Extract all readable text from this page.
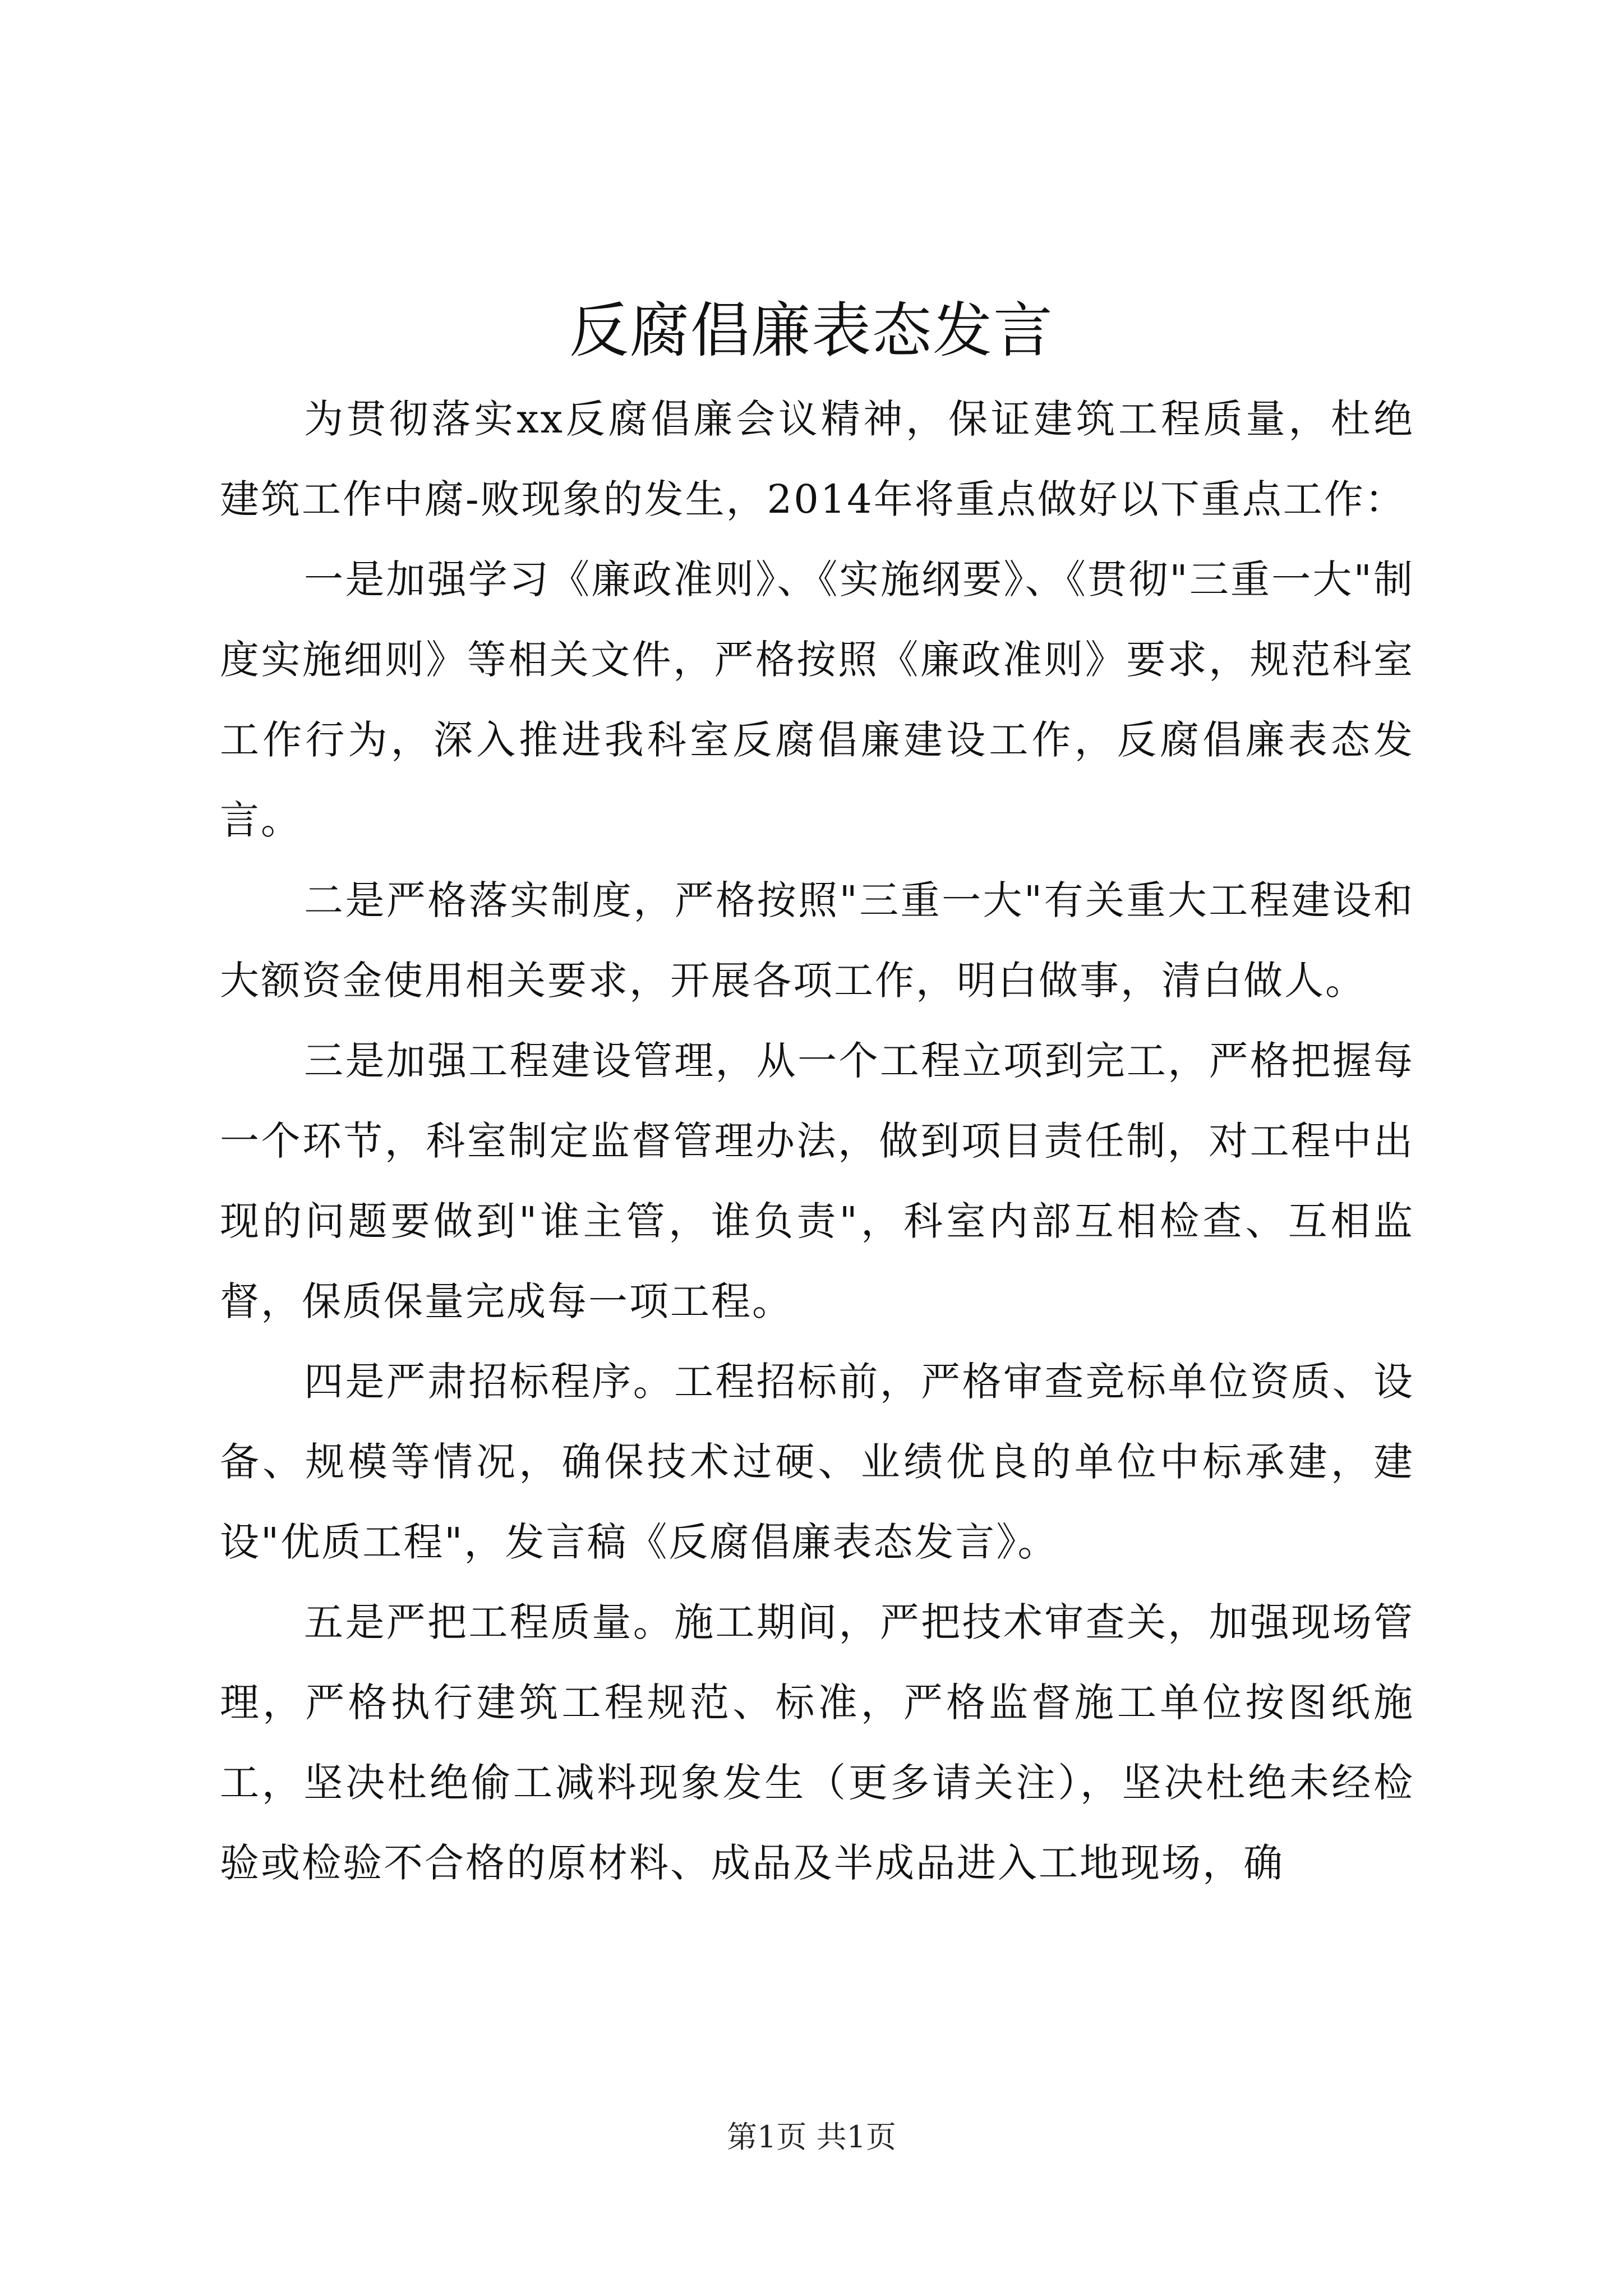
反腐倡廉表态发言

为贯彻落实xx反腐倡廉会议精神，保证建筑工程质量，杜绝建筑工作中腐-败现象的发生，2014年将重点做好以下重点工作：

一是加强学习《廉政准则》、《实施纲要》、《贯彻"三重一大"制度实施细则》等相关文件，严格按照《廉政准则》要求，规范科室工作行为，深入推进我科室反腐倡廉建设工作，反腐倡廉表态发言。

二是严格落实制度，严格按照"三重一大"有关重大工程建设和大额资金使用相关要求，开展各项工作，明白做事，清白做人。

三是加强工程建设管理，从一个工程立项到完工，严格把握每一个环节，科室制定监督管理办法，做到项目责任制，对工程中出现的问题要做到"谁主管，谁负责"，科室内部互相检查、互相监督，保质保量完成每一项工程。

四是严肃招标程序。工程招标前，严格审查竞标单位资质、设备、规模等情况，确保技术过硬、业绩优良的单位中标承建，建设"优质工程"，发言稿《反腐倡廉表态发言》。

五是严把工程质量。施工期间，严把技术审查关，加强现场管理，严格执行建筑工程规范、标准，严格监督施工单位按图纸施工，坚决杜绝偷工减料现象发生（更多请关注），坚决杜绝未经检验或检验不合格的原材料、成品及半成品进入工地现场，确

第1页 共1页
